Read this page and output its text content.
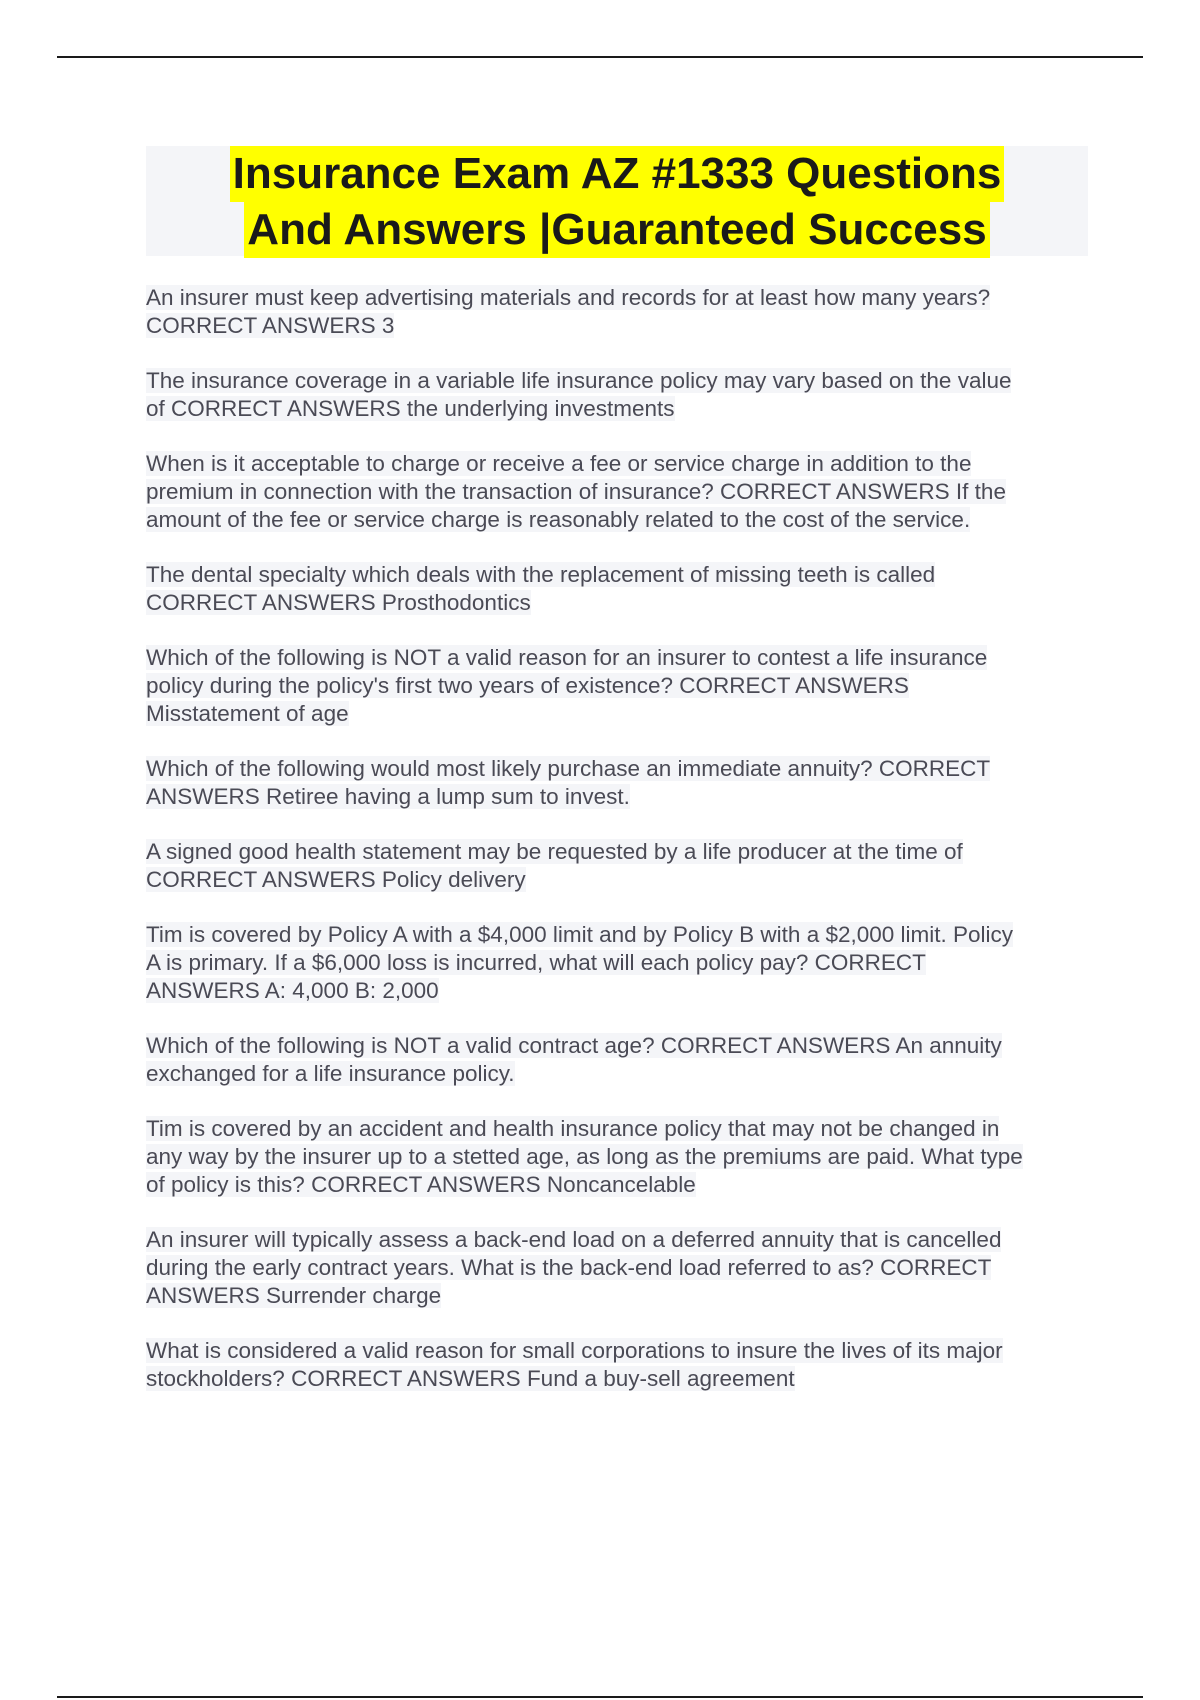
Insurance Exam AZ #1333 Questions
And Answers |Guaranteed Success
An insurer must keep advertising materials and records for at least how many years?
CORRECT ANSWERS 3
The insurance coverage in a variable life insurance policy may vary based on the value
of CORRECT ANSWERS the underlying investments
When is it acceptable to charge or receive a fee or service charge in addition to the
premium in connection with the transaction of insurance? CORRECT ANSWERS If the
amount of the fee or service charge is reasonably related to the cost of the service.
The dental specialty which deals with the replacement of missing teeth is called
CORRECT ANSWERS Prosthodontics
Which of the following is NOT a valid reason for an insurer to contest a life insurance
policy during the policy's first two years of existence? CORRECT ANSWERS
Misstatement of age
Which of the following would most likely purchase an immediate annuity? CORRECT
ANSWERS Retiree having a lump sum to invest.
A signed good health statement may be requested by a life producer at the time of
CORRECT ANSWERS Policy delivery
Tim is covered by Policy A with a $4,000 limit and by Policy B with a $2,000 limit. Policy
A is primary. If a $6,000 loss is incurred, what will each policy pay? CORRECT
ANSWERS A: 4,000 B: 2,000
Which of the following is NOT a valid contract age? CORRECT ANSWERS An annuity
exchanged for a life insurance policy.
Tim is covered by an accident and health insurance policy that may not be changed in
any way by the insurer up to a stetted age, as long as the premiums are paid. What type
of policy is this? CORRECT ANSWERS Noncancelable
An insurer will typically assess a back-end load on a deferred annuity that is cancelled
during the early contract years. What is the back-end load referred to as? CORRECT
ANSWERS Surrender charge
What is considered a valid reason for small corporations to insure the lives of its major
stockholders? CORRECT ANSWERS Fund a buy-sell agreement
